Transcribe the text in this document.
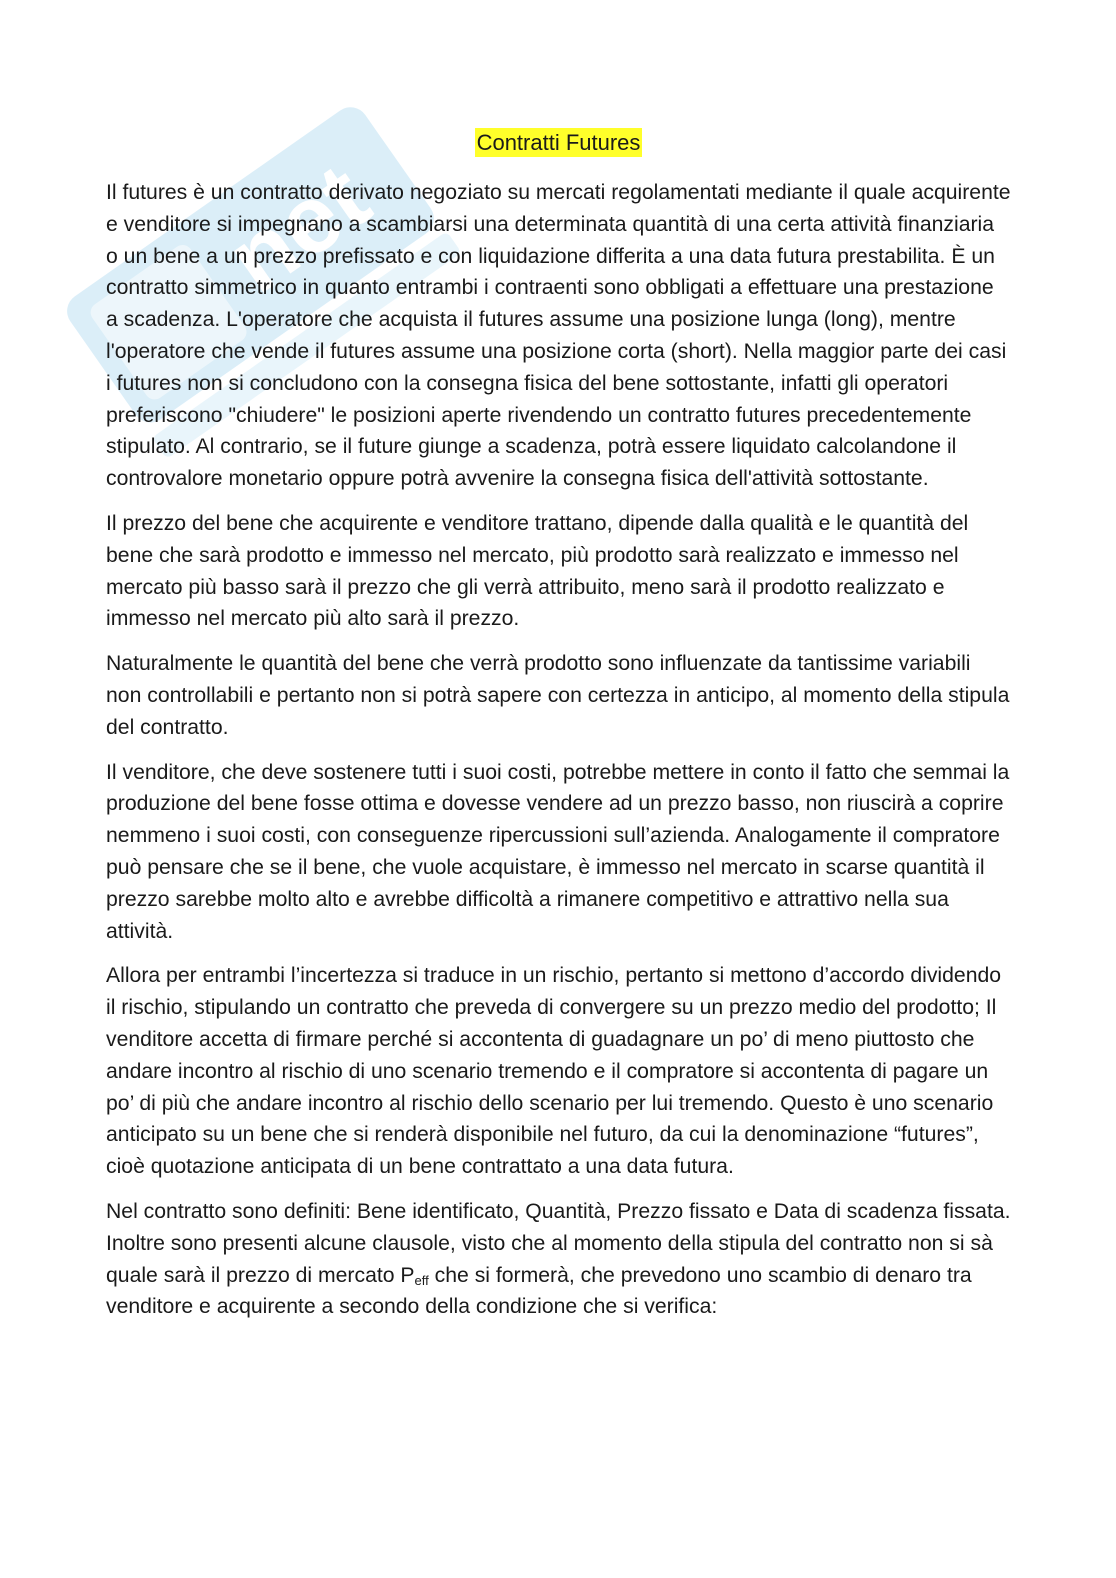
net
Contratti Futures

Il futures è un contratto derivato negoziato su mercati regolamentati mediante il quale acquirente e venditore si impegnano a scambiarsi una determinata quantità di una certa attività finanziaria o un bene a un prezzo prefissato e con liquidazione differita a una data futura prestabilita. È un contratto simmetrico in quanto entrambi i contraenti sono obbligati a effettuare una prestazione a scadenza. L'operatore che acquista il futures assume una posizione lunga (long), mentre l'operatore che vende il futures assume una posizione corta (short). Nella maggior parte dei casi i futures non si concludono con la consegna fisica del bene sottostante, infatti gli operatori preferiscono "chiudere" le posizioni aperte rivendendo un contratto futures precedentemente stipulato. Al contrario, se il future giunge a scadenza, potrà essere liquidato calcolandone il controvalore monetario oppure potrà avvenire la consegna fisica dell'attività sottostante.

Il prezzo del bene che acquirente e venditore trattano, dipende dalla qualità e le quantità del bene che sarà prodotto e immesso nel mercato, più prodotto sarà realizzato e immesso nel mercato più basso sarà il prezzo che gli verrà attribuito, meno sarà il prodotto realizzato e immesso nel mercato più alto sarà il prezzo.

Naturalmente le quantità del bene che verrà prodotto sono influenzate da tantissime variabili non controllabili e pertanto non si potrà sapere con certezza in anticipo, al momento della stipula del contratto.

Il venditore, che deve sostenere tutti i suoi costi, potrebbe mettere in conto il fatto che semmai la produzione del bene fosse ottima e dovesse vendere ad un prezzo basso, non riuscirà a coprire nemmeno i suoi costi, con conseguenze ripercussioni sull’azienda. Analogamente il compratore può pensare che se il bene, che vuole acquistare, è immesso nel mercato in scarse quantità il prezzo sarebbe molto alto e avrebbe difficoltà a rimanere competitivo e attrattivo nella sua attività.

Allora per entrambi l’incertezza si traduce in un rischio, pertanto si mettono d’accordo dividendo il rischio, stipulando un contratto che preveda di convergere su un prezzo medio del prodotto; Il venditore accetta di firmare perché si accontenta di guadagnare un po’ di meno piuttosto che andare incontro al rischio di uno scenario tremendo e il compratore si accontenta di pagare un po’ di più che andare incontro al rischio dello scenario per lui tremendo. Questo è uno scenario anticipato su un bene che si renderà disponibile nel futuro, da cui la denominazione “futures”, cioè quotazione anticipata di un bene contrattato a una data futura.

Nel contratto sono definiti: Bene identificato, Quantità, Prezzo fissato e Data di scadenza fissata. Inoltre sono presenti alcune clausole, visto che al momento della stipula del contratto non si sà quale sarà il prezzo di mercato $P_{eff}$ che si formerà, che prevedono uno scambio di denaro tra venditore e acquirente a secondo della condizione che si verifica:
